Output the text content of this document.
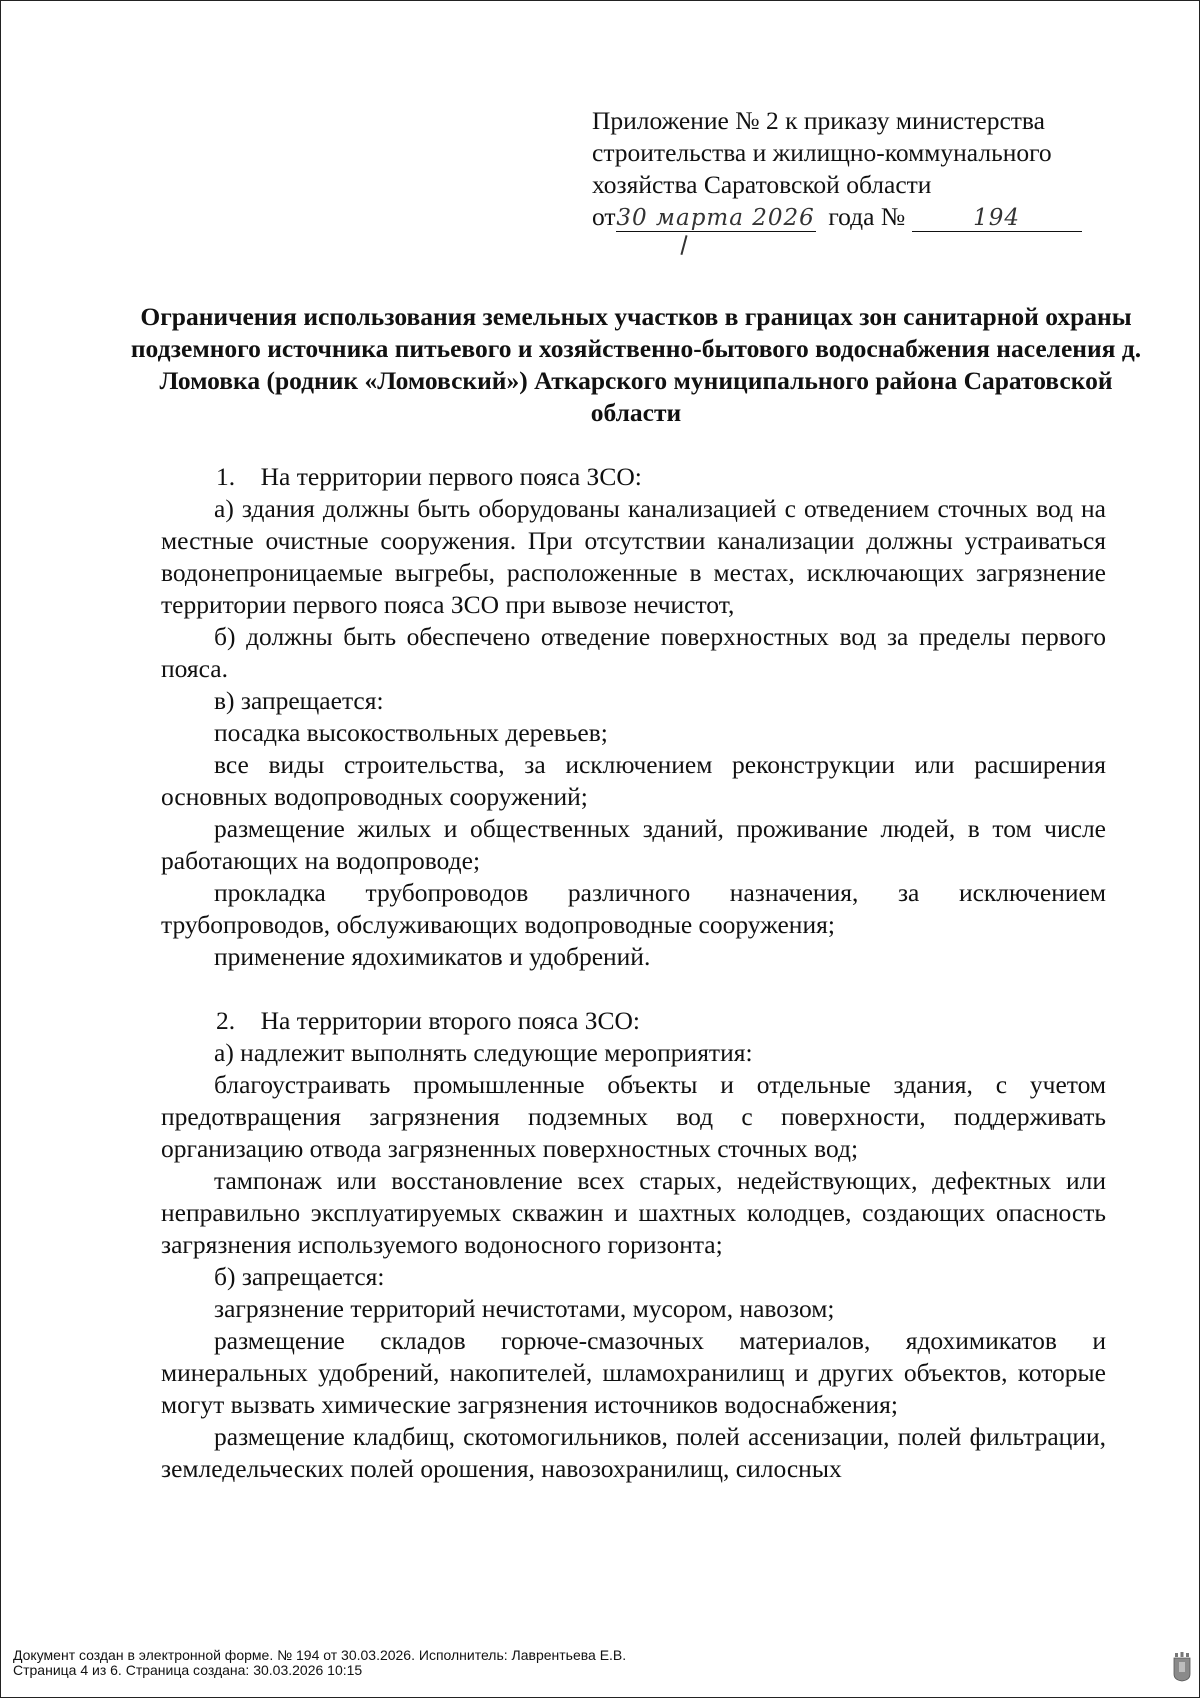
Приложение № 2 к приказу министерства
строительства и жилищно-коммунального
хозяйства Саратовской области
от30 марта 2026 года №	194
Ограничения использования земельных участков в границах зон санитарной охраны подземного источника питьевого и хозяйственно-бытового водоснабжения населения д. Ломовка (родник «Ломовский») Аткарского муниципального района Саратовской области

1. На территории первого пояса ЗСО:

а) здания должны быть оборудованы канализацией с отведением сточных вод на местные очистные сооружения. При отсутствии канализации должны устраиваться водонепроницаемые выгребы, расположенные в местах, исключающих загрязнение территории первого пояса ЗСО при вывозе нечистот,

б) должны быть обеспечено отведение поверхностных вод за пределы первого пояса.

в) запрещается:

посадка высокоствольных деревьев;

все виды строительства, за исключением реконструкции или расширения основных водопроводных сооружений;

размещение жилых и общественных зданий, проживание людей, в том числе работающих на водопроводе;

прокладка трубопроводов различного назначения, за исключением трубопроводов, обслуживающих водопроводные сооружения;

применение ядохимикатов и удобрений.

2. На территории второго пояса ЗСО:

а) надлежит выполнять следующие мероприятия:

благоустраивать промышленные объекты и отдельные здания, с учетом предотвращения загрязнения подземных вод с поверхности, поддерживать организацию отвода загрязненных поверхностных сточных вод;

тампонаж или восстановление всех старых, недействующих, дефектных или неправильно эксплуатируемых скважин и шахтных колодцев, создающих опасность загрязнения используемого водоносного горизонта;

б) запрещается:

загрязнение территорий нечистотами, мусором, навозом;

размещение складов горюче-смазочных материалов, ядохимикатов и минеральных удобрений, накопителей, шламохранилищ и других объектов, которые могут вызвать химические загрязнения источников водоснабжения;

размещение кладбищ, скотомогильников, полей ассенизации, полей фильтрации, земледельческих полей орошения, навозохранилищ, силосных

Документ создан в электронной форме. № 194 от 30.03.2026. Исполнитель: Лаврентьева Е.В.
Страница 4 из 6. Страница создана: 30.03.2026 10:15
